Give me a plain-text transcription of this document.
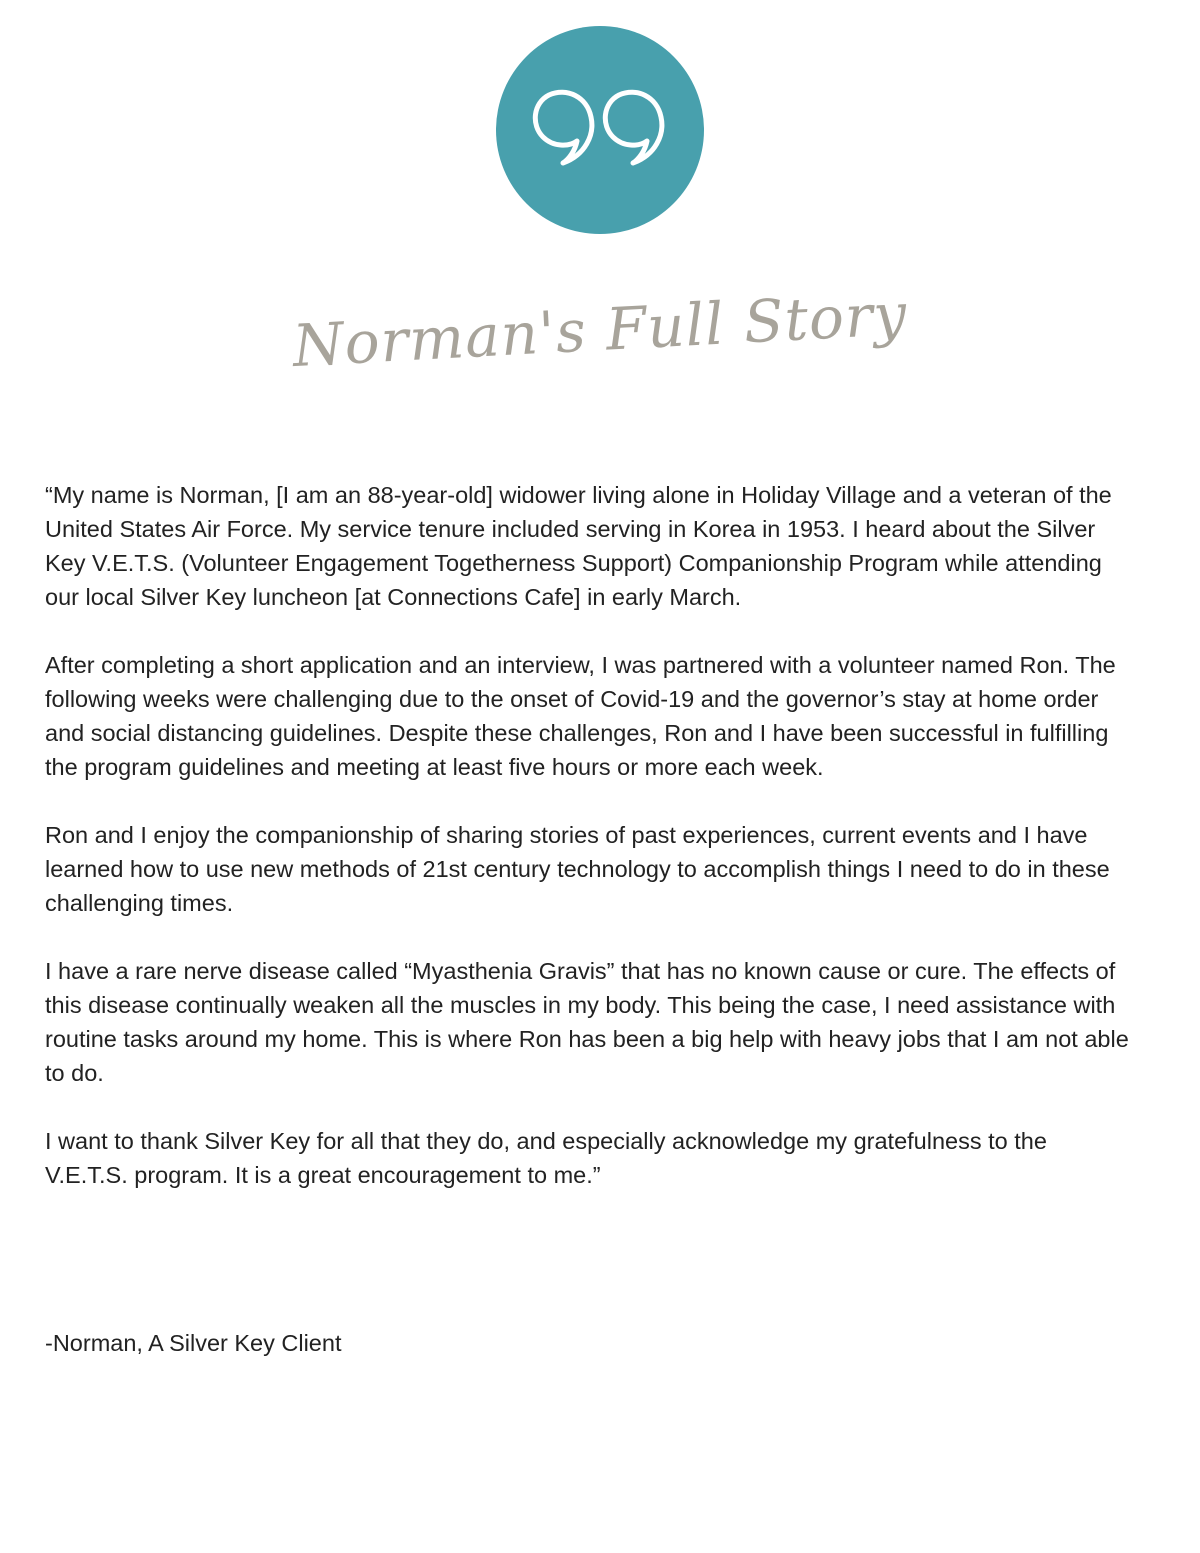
Norman's Full Story

“My name is Norman, [I am an 88-year-old] widower living alone in Holiday Village and a veteran of the United States Air Force. My service tenure included serving in Korea in 1953. I heard about the Silver Key V.E.T.S. (Volunteer Engagement Togetherness Support) Companionship Program while attending our local Silver Key luncheon [at Connections Cafe] in early March.

After completing a short application and an interview, I was partnered with a volunteer named Ron. The following weeks were challenging due to the onset of Covid-19 and the governor’s stay at home order and social distancing guidelines. Despite these challenges, Ron and I have been successful in fulfilling the program guidelines and meeting at least five hours or more each week.

Ron and I enjoy the companionship of sharing stories of past experiences, current events and I have learned how to use new methods of 21st century technology to accomplish things I need to do in these challenging times.

I have a rare nerve disease called “Myasthenia Gravis” that has no known cause or cure. The effects of this disease continually weaken all the muscles in my body. This being the case, I need assistance with routine tasks around my home. This is where Ron has been a big help with heavy jobs that I am not able to do.

I want to thank Silver Key for all that they do, and especially acknowledge my gratefulness to the V.E.T.S. program. It is a great encouragement to me.”

-Norman, A Silver Key Client
